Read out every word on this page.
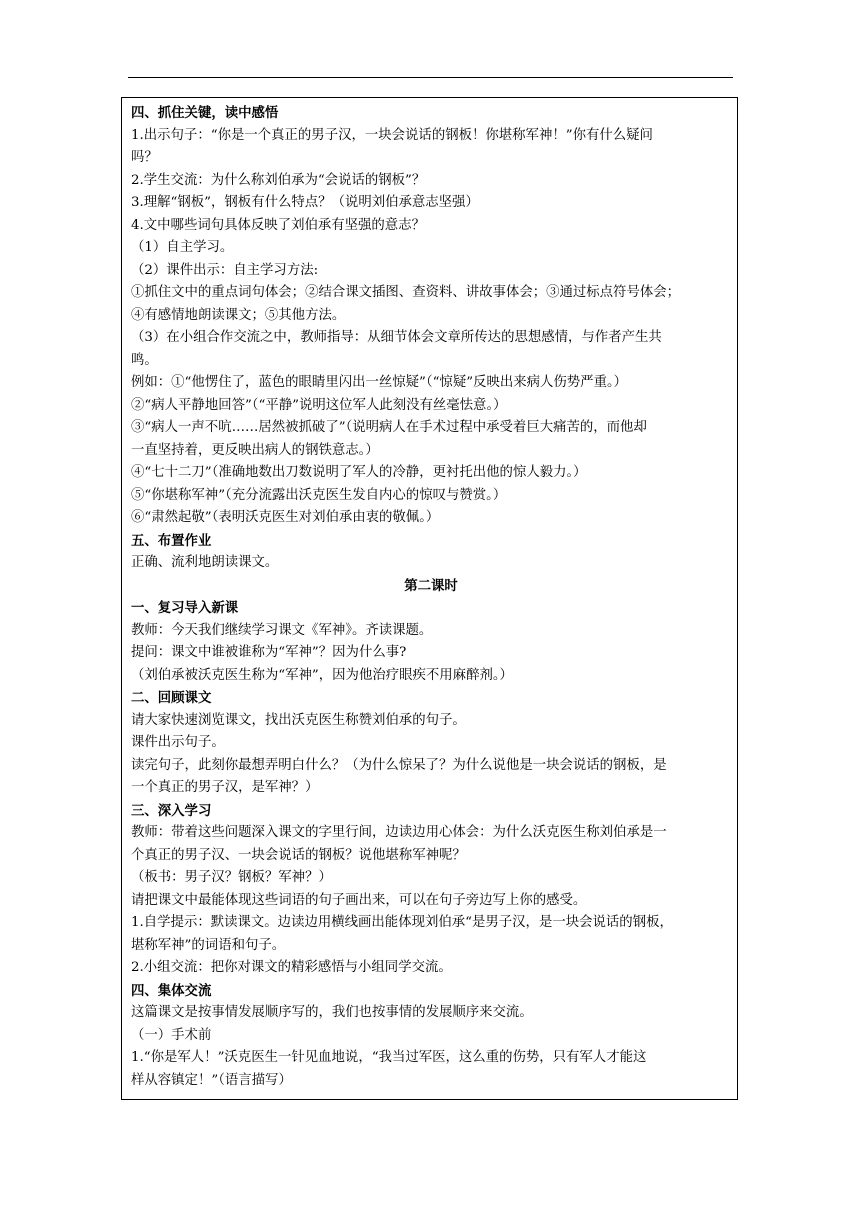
四、抓住关键，读中感悟
1.出示句子：“你是一个真正的男子汉，一块会说话的钢板！你堪称军神！”你有什么疑问
吗？
2.学生交流：为什么称刘伯承为“会说话的钢板”？
3.理解“钢板”，钢板有什么特点？（说明刘伯承意志坚强）
4.文中哪些词句具体反映了刘伯承有坚强的意志？
（1）自主学习。
（2）课件出示：自主学习方法:
①抓住文中的重点词句体会；②结合课文插图、查资料、讲故事体会；③通过标点符号体会；
④有感情地朗读课文；⑤其他方法。
（3）在小组合作交流之中，教师指导：从细节体会文章所传达的思想感情，与作者产生共
鸣。
例如：①“他愣住了，蓝色的眼睛里闪出一丝惊疑”（“惊疑”反映出来病人伤势严重。）
②“病人平静地回答”（“平静”说明这位军人此刻没有丝毫怯意。）
③“病人一声不吭……居然被抓破了”（说明病人在手术过程中承受着巨大痛苦的，而他却
一直坚持着，更反映出病人的钢铁意志。）
④“七十二刀”（准确地数出刀数说明了军人的冷静，更衬托出他的惊人毅力。）
⑤“你堪称军神”（充分流露出沃克医生发自内心的惊叹与赞赏。）
⑥“肃然起敬”（表明沃克医生对刘伯承由衷的敬佩。）
五、布置作业
正确、流利地朗读课文。
第二课时
一、复习导入新课
教师：今天我们继续学习课文《军神》。齐读课题。
提问：课文中谁被谁称为“军神”？因为什么事?
（刘伯承被沃克医生称为“军神”，因为他治疗眼疾不用麻醉剂。）
二、回顾课文
请大家快速浏览课文，找出沃克医生称赞刘伯承的句子。
课件出示句子。
读完句子，此刻你最想弄明白什么？（为什么惊呆了？为什么说他是一块会说话的钢板，是
一个真正的男子汉，是军神？）
三、深入学习
教师：带着这些问题深入课文的字里行间，边读边用心体会：为什么沃克医生称刘伯承是一
个真正的男子汉、一块会说话的钢板？说他堪称军神呢？
（板书：男子汉？钢板？军神？）
请把课文中最能体现这些词语的句子画出来，可以在句子旁边写上你的感受。
1.自学提示：默读课文。边读边用横线画出能体现刘伯承“是男子汉，是一块会说话的钢板，
堪称军神”的词语和句子。
2.小组交流：把你对课文的精彩感悟与小组同学交流。
四、集体交流
这篇课文是按事情发展顺序写的，我们也按事情的发展顺序来交流。
（一）手术前
1.“你是军人！”沃克医生一针见血地说，“我当过军医，这么重的伤势，只有军人才能这
样从容镇定！”（语言描写）
